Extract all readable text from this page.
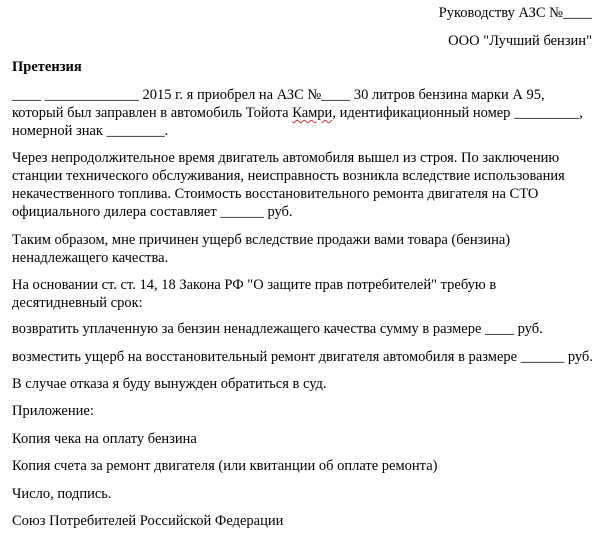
Руководству АЗС №____
ООО "Лучший бензин"
Претензия
____ _____________ 2015 г. я приобрел на АЗС №____ 30 литров бензина марки А 95,
который был заправлен в автомобиль Тойота Камри, идентификационный номер _________,
номерной знак ________.
Через непродолжительное время двигатель автомобиля вышел из строя. По заключению
станции технического обслуживания, неисправность возникла вследствие использования
некачественного топлива. Стоимость восстановительного ремонта двигателя на СТО
официального дилера составляет ______ руб.
Таким образом, мне причинен ущерб вследствие продажи вами товара (бензина)
ненадлежащего качества.
На основании ст. ст. 14, 18 Закона РФ "О защите прав потребителей" требую в
десятидневный срок:
возвратить уплаченную за бензин ненадлежащего качества сумму в размере ____ руб.
возместить ущерб на восстановительный ремонт двигателя автомобиля в размере ______ руб.
В случае отказа я буду вынужден обратиться в суд.
Приложение:
Копия чека на оплату бензина
Копия счета за ремонт двигателя (или квитанции об оплате ремонта)
Число, подпись.
Союз Потребителей Российской Федерации
